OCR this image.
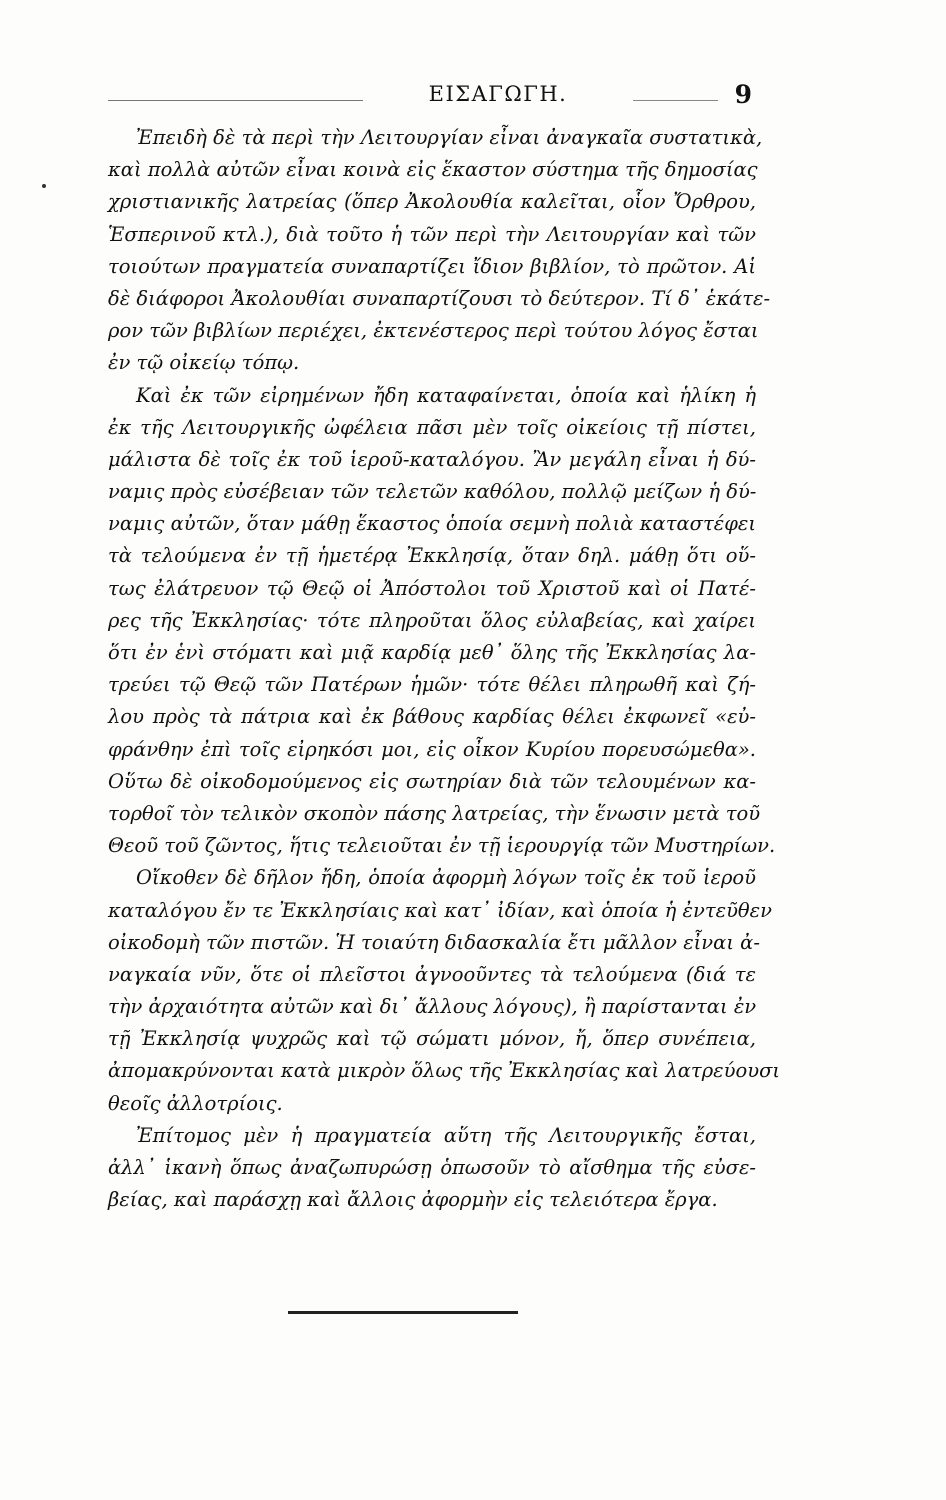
ΕΙΣΑΓΩΓΗ.	9
Ἐπειδὴ δὲ τὰ περὶ τὴν Λειτουργίαν εἶναι ἀναγκαῖα συστατικὰ,
καὶ πολλὰ αὐτῶν εἶναι κοινὰ εἰς ἕκαστον σύστημα τῆς δημοσίας
χριστιανικῆς λατρείας (ὅπερ Ἀκολουθία καλεῖται, οἷον Ὄρθρου,
Ἑσπερινοῦ κτλ.), διὰ τοῦτο ἡ τῶν περὶ τὴν Λειτουργίαν καὶ τῶν
τοιούτων πραγματεία συναπαρτίζει ἴδιον βιβλίον, τὸ πρῶτον. Αἱ
δὲ διάφοροι Ἀκολουθίαι συναπαρτίζουσι τὸ δεύτερον. Τί δ᾽ ἑκάτε-
ρον τῶν βιβλίων περιέχει, ἐκτενέστερος περὶ τούτου λόγος ἔσται
ἐν τῷ οἰκείῳ τόπῳ.
Καὶ ἐκ τῶν εἰρημένων ἤδη καταφαίνεται, ὁποία καὶ ἡλίκη ἡ
ἐκ τῆς Λειτουργικῆς ὠφέλεια πᾶσι μὲν τοῖς οἰκείοις τῇ πίστει,
μάλιστα δὲ τοῖς ἐκ τοῦ ἱεροῦ-καταλόγου. Ἂν μεγάλη εἶναι ἡ δύ-
ναμις πρὸς εὐσέβειαν τῶν τελετῶν καθόλου, πολλῷ μείζων ἡ δύ-
ναμις αὐτῶν, ὅταν μάθῃ ἕκαστος ὁποία σεμνὴ πολιὰ καταστέφει
τὰ τελούμενα ἐν τῇ ἡμετέρᾳ Ἐκκλησίᾳ, ὅταν δηλ. μάθῃ ὅτι οὕ-
τως ἐλάτρευον τῷ Θεῷ οἱ Ἀπόστολοι τοῦ Χριστοῦ καὶ οἱ Πατέ-
ρες τῆς Ἐκκλησίας· τότε πληροῦται ὅλος εὐλαβείας, καὶ χαίρει
ὅτι ἐν ἑνὶ στόματι καὶ μιᾷ καρδίᾳ μεθ᾽ ὅλης τῆς Ἐκκλησίας λα-
τρεύει τῷ Θεῷ τῶν Πατέρων ἡμῶν· τότε θέλει πληρωθῆ καὶ ζή-
λου πρὸς τὰ πάτρια καὶ ἐκ βάθους καρδίας θέλει ἐκφωνεῖ «εὐ-
φράνθην ἐπὶ τοῖς εἰρηκόσι μοι, εἰς οἶκον Κυρίου πορευσώμεθα».
Οὕτω δὲ οἰκοδομούμενος εἰς σωτηρίαν διὰ τῶν τελουμένων κα-
τορθοῖ τὸν τελικὸν σκοπὸν πάσης λατρείας, τὴν ἕνωσιν μετὰ τοῦ
Θεοῦ τοῦ ζῶντος, ἥτις τελειοῦται ἐν τῇ ἱερουργίᾳ τῶν Μυστηρίων.
Οἴκοθεν δὲ δῆλον ἤδη, ὁποία ἀφορμὴ λόγων τοῖς ἐκ τοῦ ἱεροῦ
καταλόγου ἔν τε Ἐκκλησίαις καὶ κατ᾽ ἰδίαν, καὶ ὁποία ἡ ἐντεῦθεν
οἰκοδομὴ τῶν πιστῶν. Ἡ τοιαύτη διδασκαλία ἔτι μᾶλλον εἶναι ἀ-
ναγκαία νῦν, ὅτε οἱ πλεῖστοι ἀγνοοῦντες τὰ τελούμενα (διά τε
τὴν ἀρχαιότητα αὐτῶν καὶ δι᾽ ἄλλους λόγους), ἢ παρίστανται ἐν
τῇ Ἐκκλησίᾳ ψυχρῶς καὶ τῷ σώματι μόνον, ἤ, ὅπερ συνέπεια,
ἀπομακρύνονται κατὰ μικρὸν ὅλως τῆς Ἐκκλησίας καὶ λατρεύουσι
θεοῖς ἀλλοτρίοις.
Ἐπίτομος μὲν ἡ πραγματεία αὕτη τῆς Λειτουργικῆς ἔσται,
ἀλλ᾽ ἱκανὴ ὅπως ἀναζωπυρώσῃ ὁπωσοῦν τὸ αἴσθημα τῆς εὐσε-
βείας, καὶ παράσχῃ καὶ ἄλλοις ἀφορμὴν εἰς τελειότερα ἔργα.
